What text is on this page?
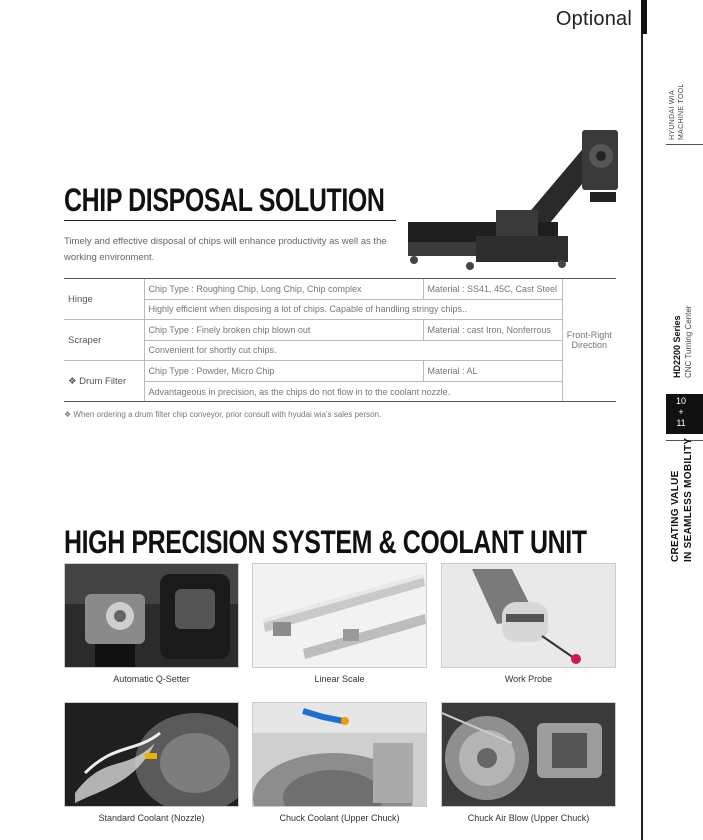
Optional
HYUNDAI WIA MACHINE TOOL
HD2200 Series CNC Turning Center
10
+
11
CREATING VALUE IN SEAMLESS MOBILITY
CHIP DISPOSAL SOLUTION
Timely and effective disposal of chips will enhance productivity as well as the working environment.
Hinge	Chip Type : Roughing Chip, Long Chip, Chip complex	Material : SS41, 45C, Cast Steel	Front-Right Direction
	Highly efficient when disposing a lot of chips. Capable of handling stringy chips..		
Scraper	Chip Type : Finely broken chip blown out	Material : cast Iron, Nonferrous	
	Convenient for shortly cut chips.		
❖ Drum Filter	Chip Type : Powder, Micro Chip	Material : AL	
	Advantageous in precision, as the chips do not flow in to the coolant nozzle.		
❖ When ordering a drum filter chip conveyor, prior consult with hyudai wia's sales person.
HIGH PRECISION SYSTEM & COOLANT UNIT
Automatic Q-Setter	Linear Scale	Work Probe
Standard Coolant (Nozzle)	Chuck Coolant (Upper Chuck)	Chuck Air Blow (Upper Chuck)
